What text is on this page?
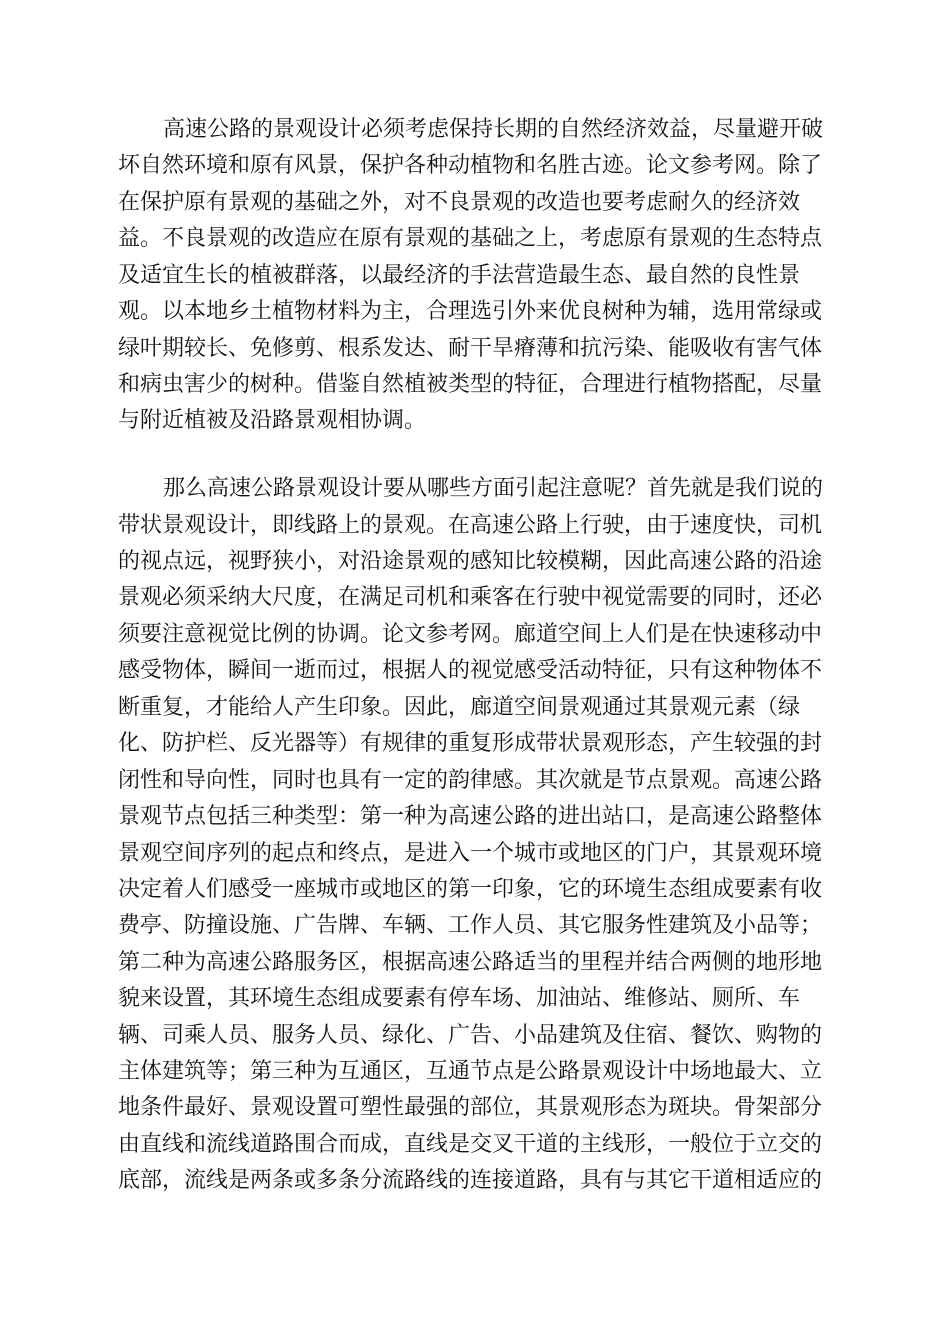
高速公路的景观设计必须考虑保持长期的自然经济效益，尽量避开破

坏自然环境和原有风景，保护各种动植物和名胜古迹。论文参考网。除了

在保护原有景观的基础之外，对不良景观的改造也要考虑耐久的经济效

益。不良景观的改造应在原有景观的基础之上，考虑原有景观的生态特点

及适宜生长的植被群落，以最经济的手法营造最生态、最自然的良性景

观。以本地乡土植物材料为主，合理选引外来优良树种为辅，选用常绿或

绿叶期较长、免修剪、根系发达、耐干旱瘠薄和抗污染、能吸收有害气体

和病虫害少的树种。借鉴自然植被类型的特征，合理进行植物搭配，尽量

与附近植被及沿路景观相协调。

那么高速公路景观设计要从哪些方面引起注意呢？首先就是我们说的

带状景观设计，即线路上的景观。在高速公路上行驶，由于速度快，司机

的视点远，视野狭小，对沿途景观的感知比较模糊，因此高速公路的沿途

景观必须采纳大尺度，在满足司机和乘客在行驶中视觉需要的同时，还必

须要注意视觉比例的协调。论文参考网。廊道空间上人们是在快速移动中

感受物体，瞬间一逝而过，根据人的视觉感受活动特征，只有这种物体不

断重复，才能给人产生印象。因此，廊道空间景观通过其景观元素（绿

化、防护栏、反光器等）有规律的重复形成带状景观形态，产生较强的封

闭性和导向性，同时也具有一定的韵律感。其次就是节点景观。高速公路

景观节点包括三种类型：第一种为高速公路的进出站口，是高速公路整体

景观空间序列的起点和终点，是进入一个城市或地区的门户，其景观环境

决定着人们感受一座城市或地区的第一印象，它的环境生态组成要素有收

费亭、防撞设施、广告牌、车辆、工作人员、其它服务性建筑及小品等；

第二种为高速公路服务区，根据高速公路适当的里程并结合两侧的地形地

貌来设置，其环境生态组成要素有停车场、加油站、维修站、厕所、车

辆、司乘人员、服务人员、绿化、广告、小品建筑及住宿、餐饮、购物的

主体建筑等；第三种为互通区，互通节点是公路景观设计中场地最大、立

地条件最好、景观设置可塑性最强的部位，其景观形态为斑块。骨架部分

由直线和流线道路围合而成，直线是交叉干道的主线形，一般位于立交的

底部，流线是两条或多条分流路线的连接道路，具有与其它干道相适应的
